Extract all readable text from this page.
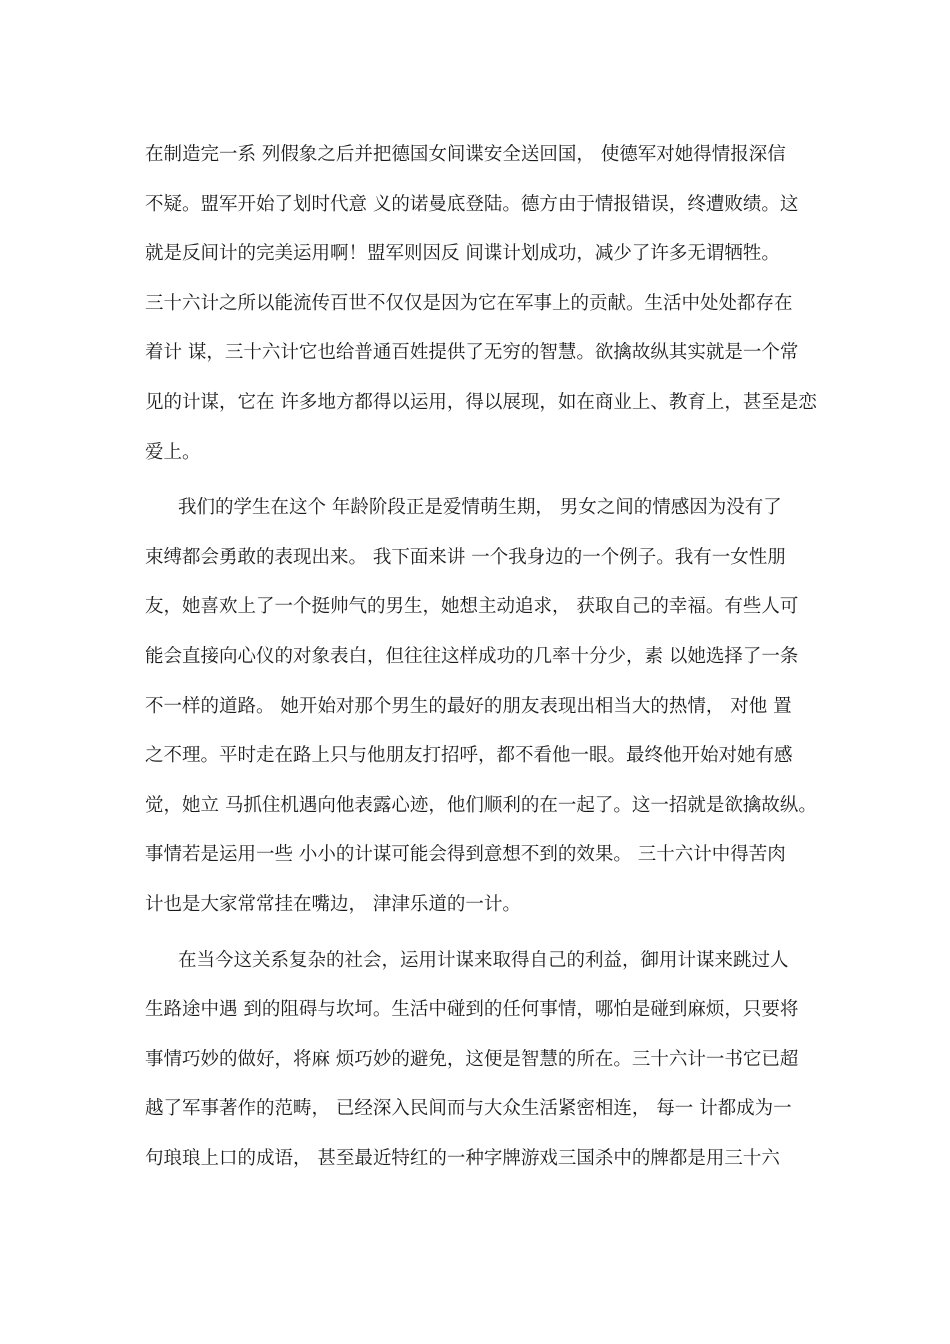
在制造完一系 列假象之后并把德国女间谍安全送回国， 使德军对她得情报深信
不疑。盟军开始了划时代意 义的诺曼底登陆。德方由于情报错误，终遭败绩。这
就是反间计的完美运用啊！盟军则因反 间谍计划成功，减少了许多无谓牺牲。
三十六计之所以能流传百世不仅仅是因为它在军事上的贡献。生活中处处都存在
着计 谋，三十六计它也给普通百姓提供了无穷的智慧。欲擒故纵其实就是一个常
见的计谋，它在 许多地方都得以运用，得以展现，如在商业上、教育上，甚至是恋
爱上。
我们的学生在这个 年龄阶段正是爱情萌生期， 男女之间的情感因为没有了
束缚都会勇敢的表现出来。 我下面来讲 一个我身边的一个例子。我有一女性朋
友，她喜欢上了一个挺帅气的男生，她想主动追求， 获取自己的幸福。有些人可
能会直接向心仪的对象表白，但往往这样成功的几率十分少，素 以她选择了一条
不一样的道路。 她开始对那个男生的最好的朋友表现出相当大的热情， 对他 置
之不理。平时走在路上只与他朋友打招呼，都不看他一眼。最终他开始对她有感
觉，她立 马抓住机遇向他表露心迹，他们顺利的在一起了。这一招就是欲擒故纵。
事情若是运用一些 小小的计谋可能会得到意想不到的效果。 三十六计中得苦肉
计也是大家常常挂在嘴边， 津津乐道的一计。
在当今这关系复杂的社会，运用计谋来取得自己的利益，御用计谋来跳过人
生路途中遇 到的阻碍与坎坷。生活中碰到的任何事情，哪怕是碰到麻烦，只要将
事情巧妙的做好，将麻 烦巧妙的避免，这便是智慧的所在。三十六计一书它已超
越了军事著作的范畴， 已经深入民间而与大众生活紧密相连， 每一 计都成为一
句琅琅上口的成语， 甚至最近特红的一种字牌游戏三国杀中的牌都是用三十六
